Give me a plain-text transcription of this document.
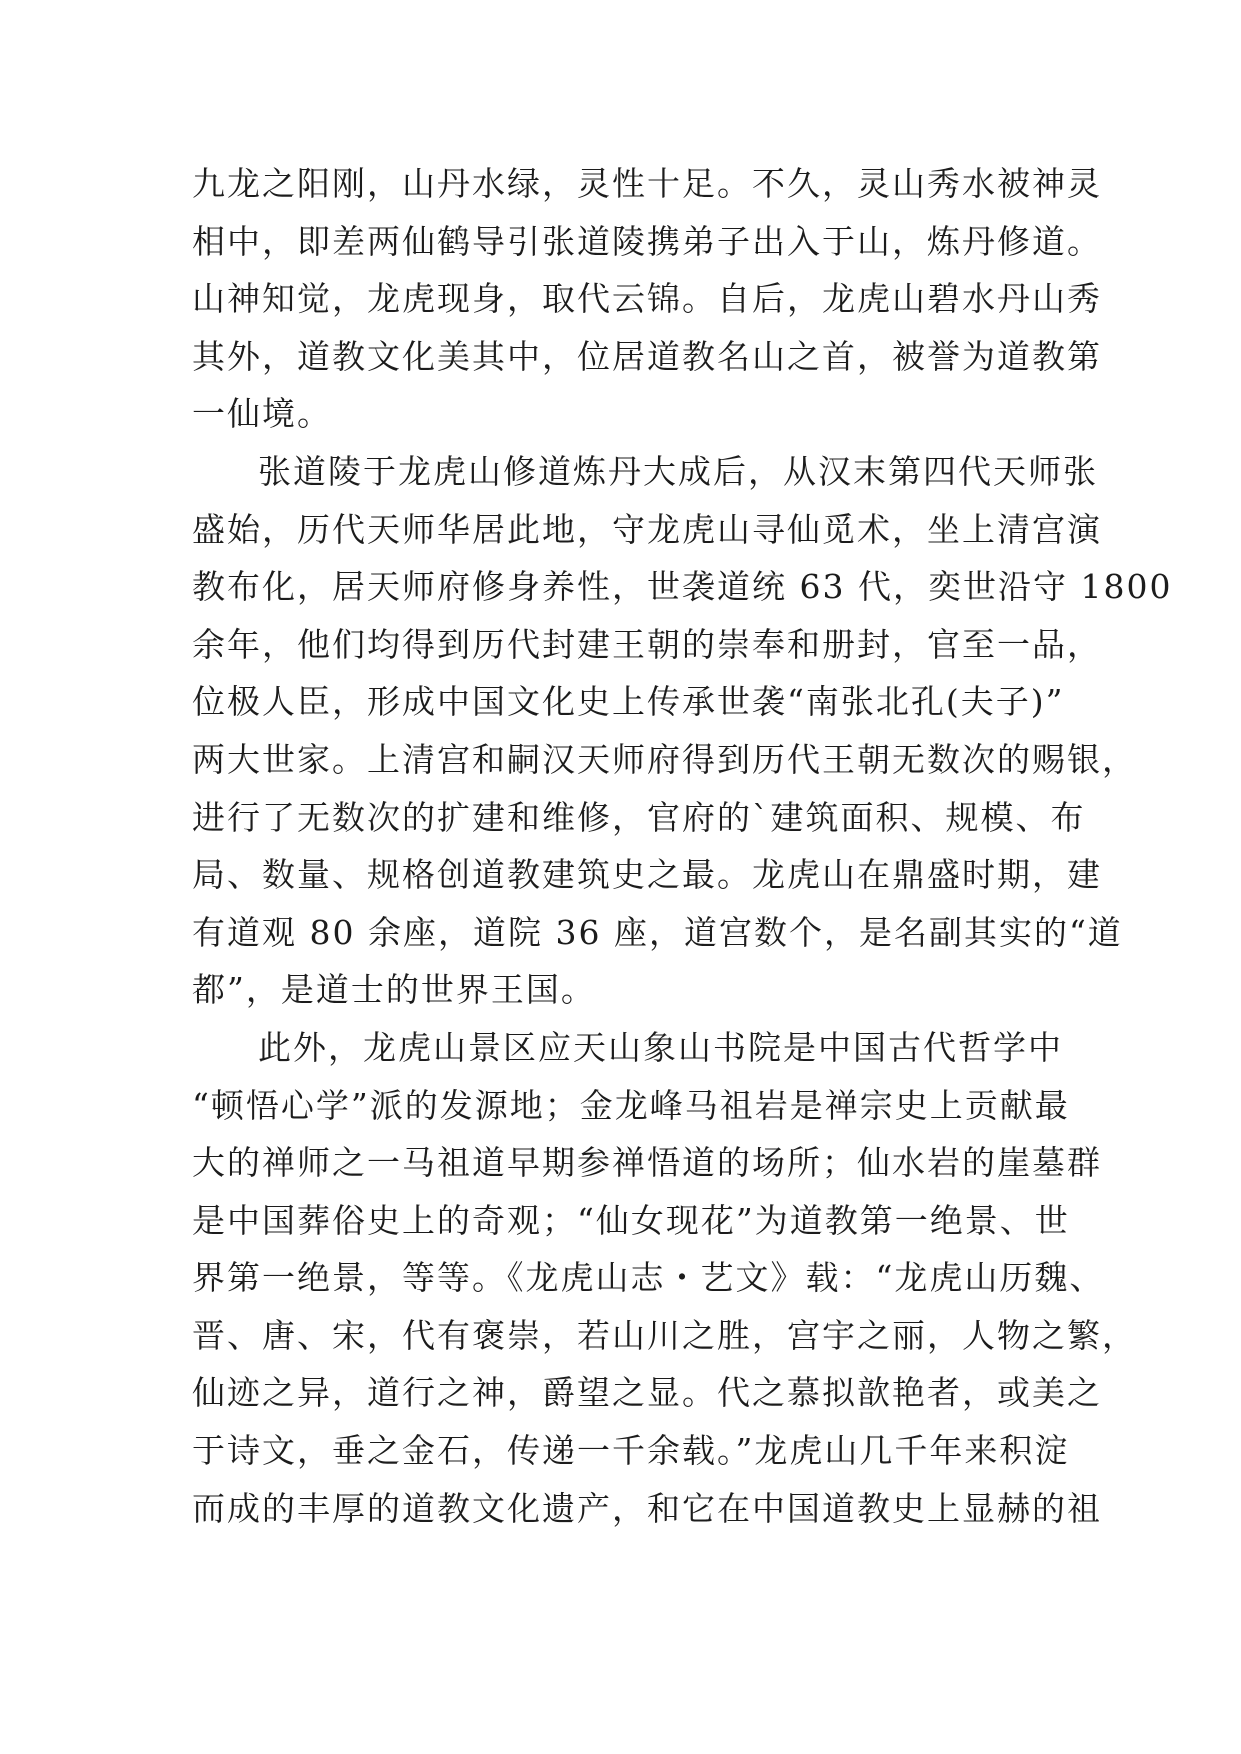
九龙之阳刚，山丹水绿，灵性十足。不久，灵山秀水被神灵
相中，即差两仙鹤导引张道陵携弟子出入于山，炼丹修道。
山神知觉，龙虎现身，取代云锦。自后，龙虎山碧水丹山秀
其外，道教文化美其中，位居道教名山之首，被誉为道教第
一仙境。
张道陵于龙虎山修道炼丹大成后，从汉末第四代天师张
盛始，历代天师华居此地，守龙虎山寻仙觅术，坐上清宫演
教布化，居天师府修身养性，世袭道统 63 代，奕世沿守 1800
余年，他们均得到历代封建王朝的崇奉和册封，官至一品，
位极人臣，形成中国文化史上传承世袭“南张北孔(夫子)”
两大世家。上清宫和嗣汉天师府得到历代王朝无数次的赐银，
进行了无数次的扩建和维修，官府的`建筑面积、规模、布
局、数量、规格创道教建筑史之最。龙虎山在鼎盛时期，建
有道观 80 余座，道院 36 座，道宫数个，是名副其实的“道
都”，是道士的世界王国。
此外，龙虎山景区应天山象山书院是中国古代哲学中
“顿悟心学”派的发源地；金龙峰马祖岩是禅宗史上贡献最
大的禅师之一马祖道早期参禅悟道的场所；仙水岩的崖墓群
是中国葬俗史上的奇观；“仙女现花”为道教第一绝景、世
界第一绝景，等等。《龙虎山志・艺文》载：“龙虎山历魏、
晋、唐、宋，代有褒崇，若山川之胜，宫宇之丽，人物之繁，
仙迹之异，道行之神，爵望之显。代之慕拟歆艳者，或美之
于诗文，垂之金石，传递一千余载。”龙虎山几千年来积淀
而成的丰厚的道教文化遗产，和它在中国道教史上显赫的祖
